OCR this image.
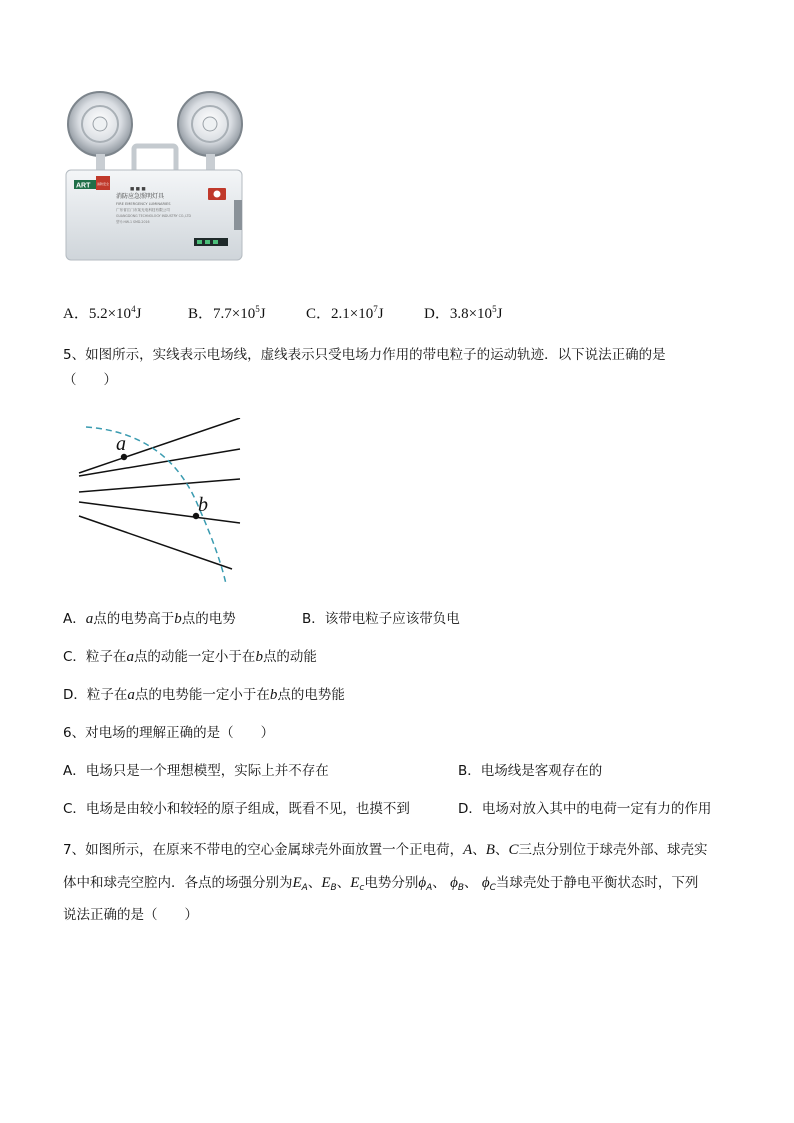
ART 消防安全
■ ■ ■
消防应急照明灯具
FIRE EMERGENCY LUMINARIES
广东省江门市某光电科技有限公司
GUANGDONG TECHNOLOGY INDUSTRY CO.,LTD
型号:HW-1 SMD-2016
A．$5.2\times 10^4J$	B．$7.7\times 10^5J$	C．$2.1\times 10^7J$	D．$3.8\times 10^5J$
5、如图所示，实线表示电场线，虚线表示只受电场力作用的带电粒子的运动轨迹．以下说法正确的是
（　　）
a
b
A．a点的电势高于b点的电势	B．该带电粒子应该带负电
C．粒子在a点的动能一定小于在b点的动能
D．粒子在a点的电势能一定小于在b点的电势能
6、对电场的理解正确的是（　　）
A．电场只是一个理想模型，实际上并不存在	B．电场线是客观存在的
C．电场是由较小和较轻的原子组成，既看不见，也摸不到	D．电场对放入其中的电荷一定有力的作用
7、如图所示，在原来不带电的空心金属球壳外面放置一个正电荷，A、B、C三点分别位于球壳外部、球壳实
体中和球壳空腔内．各点的场强分别为$E_A$、$E_B$、$E_c$电势分别$\phi_A$、 $\phi_B$、 $\phi_C$当球壳处于静电平衡状态时，下列
说法正确的是（　　）
